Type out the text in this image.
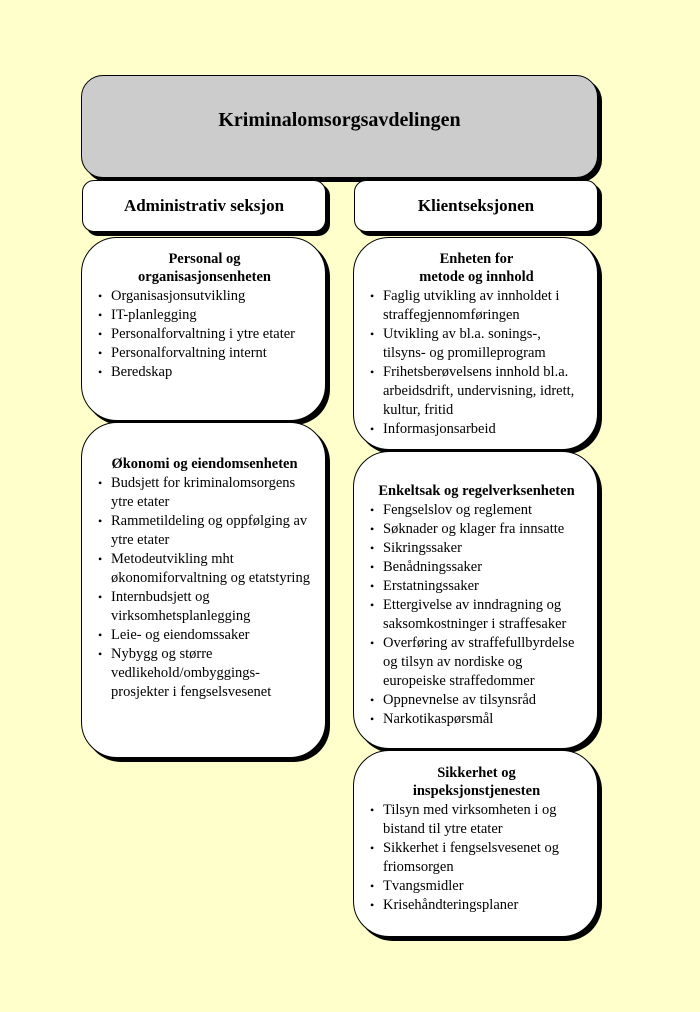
Kriminalomsorgsavdelingen
Administrativ seksjon	Klientseksjonen
Personal og
organisasjonsenheten
• Organisasjonsutvikling
• IT-planlegging
• Personalforvaltning i ytre etater
• Personalforvaltning internt
• Beredskap
Økonomi og eiendomsenheten
• Budsjett for kriminalomsorgens ytre etater
• Rammetildeling og oppfølging av ytre etater
• Metodeutvikling mht økonomiforvaltning og etatstyring
• Internbudsjett og virksomhetsplanlegging
• Leie- og eiendomssaker
• Nybygg og større vedlikehold/ombyggings-prosjekter i fengselsvesenet
Enheten for
metode og innhold
• Faglig utvikling av innholdet i straffegjennomføringen
• Utvikling av bl.a. sonings-, tilsyns- og promilleprogram
• Frihetsberøvelsens innhold bl.a. arbeidsdrift, undervisning, idrett, kultur, fritid
• Informasjonsarbeid
Enkeltsak og regelverksenheten
• Fengselslov og reglement
• Søknader og klager fra innsatte
• Sikringssaker
• Benådningssaker
• Erstatningssaker
• Ettergivelse av inndragning og saksomkostninger i straffesaker
• Overføring av straffefullbyrdelse og tilsyn av nordiske og europeiske straffedommer
• Oppnevnelse av tilsynsråd
• Narkotikaspørsmål
Sikkerhet og
inspeksjonstjenesten
• Tilsyn med virksomheten i og bistand til ytre etater
• Sikkerhet i fengselsvesenet og friomsorgen
• Tvangsmidler
• Krisehåndteringsplaner
